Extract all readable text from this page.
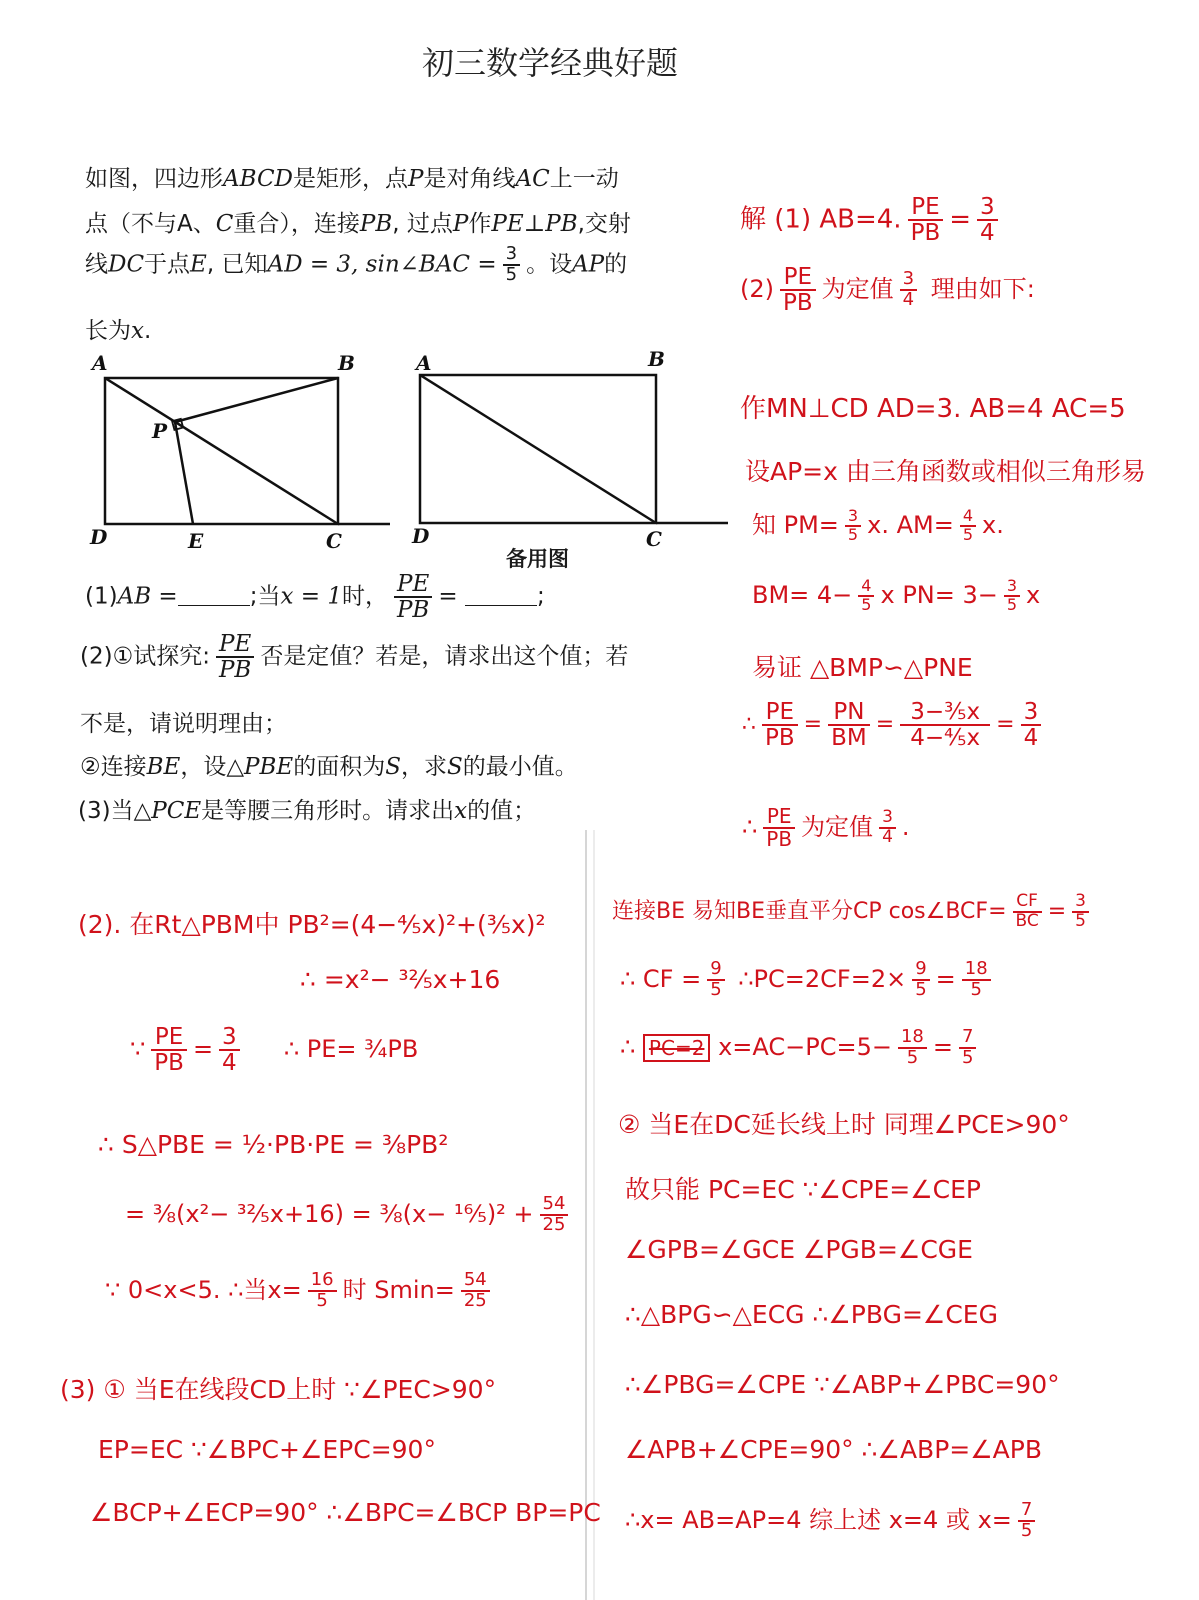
初三数学经典好题
如图，四边形ABCD是矩形，点P是对角线AC上一动
点（不与A、C重合），连接PB, 过点P作PE⊥PB,交射
线DC于点E, 已知AD = 3, sin∠BAC = $\frac{3}{5}$ 。设AP的
长为x.
A	B
P
D	E	C
A	B
D	C
备用图
(1)AB =	;当x = 1时， $\frac{PE}{PB}$ =	;
(2)①试探究: $\frac{PE}{PB}$ 否是定值？若是，请求出这个值；若
不是，请说明理由；
②连接BE，设△PBE的面积为S，求S的最小值。
(3)当△PCE是等腰三角形时。请求出x的值；
解 (1) AB=4. $\frac{PE}{PB} = \frac{3}{4}$
$(2) \frac{PE}{PB}$ 为定值 $\frac{3}{4}$ 理由如下:
作MN⊥CD AD=3. AB=4 AC=5
设AP=x 由三角函数或相似三角形易
知 $PM= \frac{3}{5} x$. $AM= \frac{4}{5} x$.
$BM= 4- \frac{4}{5}$ x $PN= 3- \frac{3}{5}$ x
易证 △BMP∽△PNE
∴ $\frac{PE}{PB} = \frac{PN}{BM} = \frac{\text{3−⅗x}}{\text{4−⅘x}} = \frac{3}{4}$
∴ $\frac{PE}{PB}$ 为定值 $\frac{3}{4}$ .
(2). 在Rt△PBM中 PB²=(4−⅘x)²+(⅗x)²
∴ =x²− ³²⁄₅x+16
∵ $\frac{PE}{PB} = \frac{3}{4}$ ∴ PE= ¾PB
∴ S△PBE = ½·PB·PE = ⅜PB²
= ⅜(x²− ³²⁄₅x+16) = ⅜(x− ¹⁶⁄₅)² + $\frac{54}{25}$
∵ 0<x<5. ∴当$x= \frac{16}{5}$ 时 $Smin= \frac{54}{25}$
(3) ① 当E在线段CD上时 ∵∠PEC>90°
EP=EC ∵∠BPC+∠EPC=90°
∠BCP+∠ECP=90° ∴∠BPC=∠BCP BP=PC
连接BE 易知BE垂直平分CP cos∠BCF= $\frac{CF}{BC} = \frac{3}{5}$
∴ CF = $\frac{9}{5}$ ∴PC=2CF=2× $\frac{9}{5} = \frac{18}{5}$
∴ PC=2 $x=AC-PC=5- \frac{18}{5} = \frac{7}{5}$
② 当E在DC延长线上时 同理∠PCE>90°
故只能 PC=EC ∵∠CPE=∠CEP
∠GPB=∠GCE ∠PGB=∠CGE
∴△BPG∽△ECG ∴∠PBG=∠CEG
∴∠PBG=∠CPE ∵∠ABP+∠PBC=90°
∠APB+∠CPE=90° ∴∠ABP=∠APB
∴x= AB=AP=4 综上述 x=4 或 $x= \frac{7}{5}$
